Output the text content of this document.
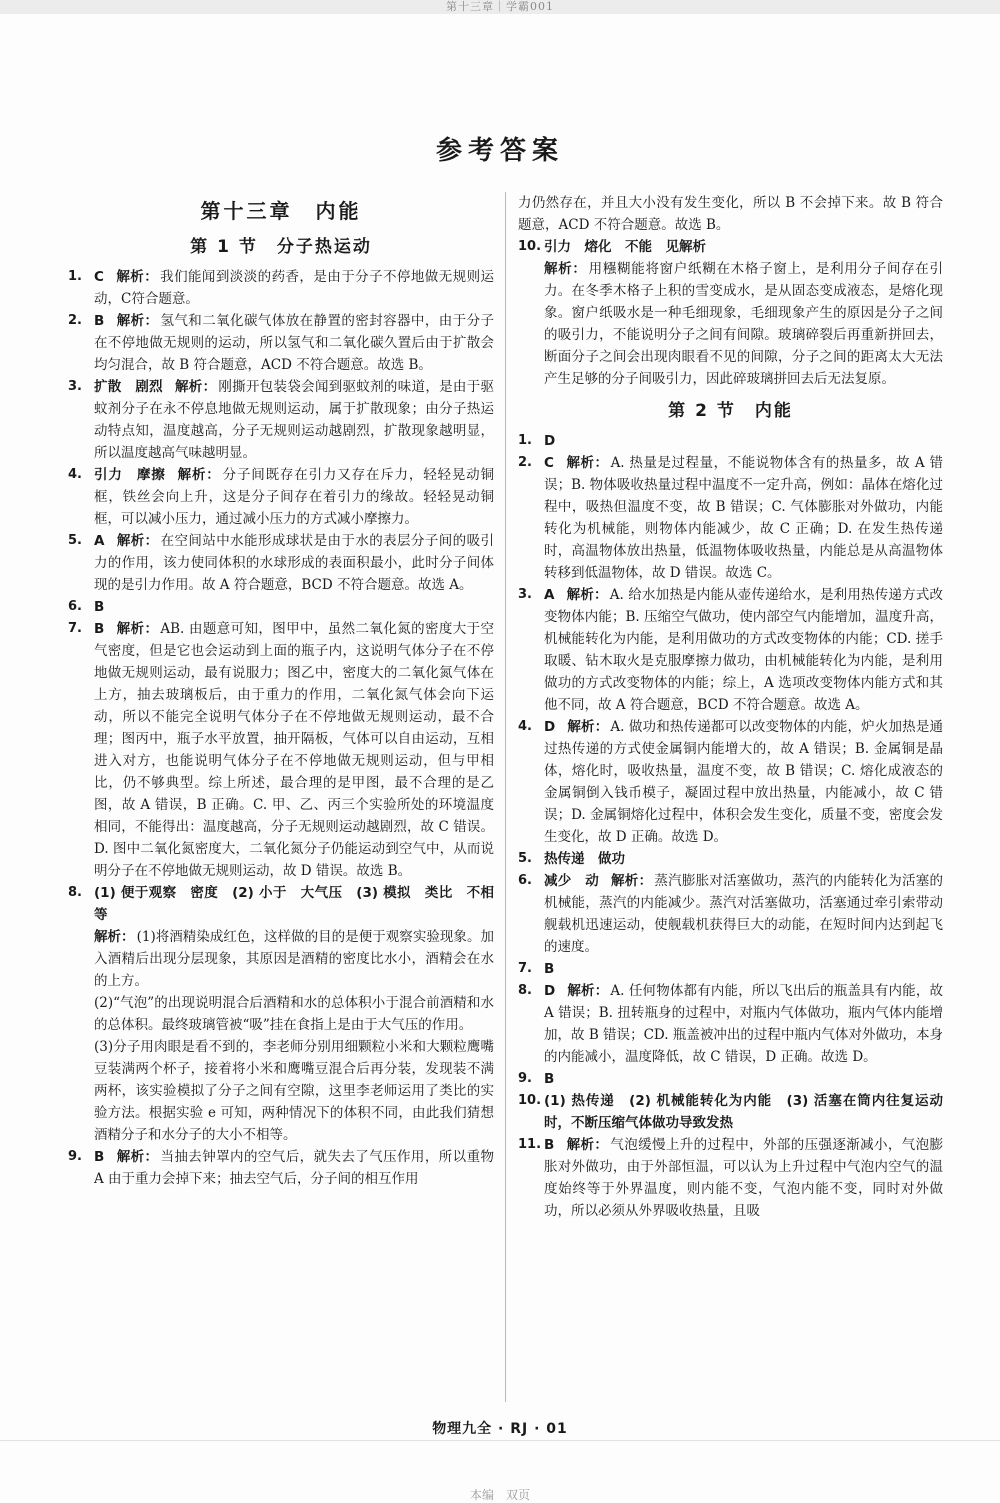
第十三章｜学霸001
参考答案
第十三章　内能
第 1 节　分子热运动

1. C 解析： 我们能闻到淡淡的药香，是由于分子不停地做无规则运动，C符合题意。

2. B 解析： 氢气和二氧化碳气体放在静置的密封容器中，由于分子在不停地做无规则的运动，所以氢气和二氧化碳久置后由于扩散会均匀混合，故 B 符合题意，ACD 不符合题意。故选 B。

3. 扩散　剧烈 解析： 刚撕开包装袋会闻到驱蚊剂的味道，是由于驱蚊剂分子在永不停息地做无规则运动，属于扩散现象；由分子热运动特点知，温度越高，分子无规则运动越剧烈，扩散现象越明显，所以温度越高气味越明显。

4. 引力　摩擦 解析： 分子间既存在引力又存在斥力，轻轻晃动铜框，铁丝会向上升，这是分子间存在着引力的缘故。轻轻晃动铜框，可以减小压力，通过减小压力的方式减小摩擦力。

5. A 解析： 在空间站中水能形成球状是由于水的表层分子间的吸引力的作用，该力使同体积的水球形成的表面积最小，此时分子间体现的是引力作用。故 A 符合题意，BCD 不符合题意。故选 A。

6. B

7. B 解析： AB. 由题意可知，图甲中，虽然二氧化氮的密度大于空气密度，但是它也会运动到上面的瓶子内，这说明气体分子在不停地做无规则运动，最有说服力；图乙中，密度大的二氧化氮气体在上方，抽去玻璃板后，由于重力的作用，二氧化氮气体会向下运动，所以不能完全说明气体分子在不停地做无规则运动，最不合理；图丙中，瓶子水平放置，抽开隔板，气体可以自由运动，互相进入对方，也能说明气体分子在不停地做无规则运动，但与甲相比，仍不够典型。综上所述，最合理的是甲图，最不合理的是乙图，故 A 错误，B 正确。C. 甲、乙、丙三个实验所处的环境温度相同，不能得出：温度越高，分子无规则运动越剧烈，故 C 错误。D. 图中二氧化氮密度大，二氧化氮分子仍能运动到空气中，从而说明分子在不停地做无规则运动，故 D 错误。故选 B。

8. (1) 便于观察　密度　(2) 小于　大气压　(3) 模拟　类比　不相等

解析： (1)将酒精染成红色，这样做的目的是便于观察实验现象。加入酒精后出现分层现象，其原因是酒精的密度比水小，酒精会在水的上方。

(2)“气泡”的出现说明混合后酒精和水的总体积小于混合前酒精和水的总体积。最终玻璃管被“吸”挂在食指上是由于大气压的作用。

(3)分子用肉眼是看不到的，李老师分别用细颗粒小米和大颗粒鹰嘴豆装满两个杯子，接着将小米和鹰嘴豆混合后再分装，发现装不满两杯，该实验模拟了分子之间有空隙，这里李老师运用了类比的实验方法。根据实验 e 可知，两种情况下的体积不同，由此我们猜想酒精分子和水分子的大小不相等。

9. B 解析： 当抽去钟罩内的空气后，就失去了气压作用，所以重物 A 由于重力会掉下来；抽去空气后，分子间的相互作用

力仍然存在，并且大小没有发生变化，所以 B 不会掉下来。故 B 符合题意，ACD 不符合题意。故选 B。

10. 引力　熔化　不能　见解析

解析： 用糨糊能将窗户纸糊在木格子窗上，是利用分子间存在引力。在冬季木格子上积的雪变成水，是从固态变成液态，是熔化现象。窗户纸吸水是一种毛细现象，毛细现象产生的原因是分子之间的吸引力，不能说明分子之间有间隙。玻璃碎裂后再重新拼回去，断面分子之间会出现肉眼看不见的间隙，分子之间的距离太大无法产生足够的分子间吸引力，因此碎玻璃拼回去后无法复原。

第 2 节　内能

1. D

2. C 解析： A. 热量是过程量，不能说物体含有的热量多，故 A 错误；B. 物体吸收热量过程中温度不一定升高，例如：晶体在熔化过程中，吸热但温度不变，故 B 错误；C. 气体膨胀对外做功，内能转化为机械能，则物体内能减少，故 C 正确；D. 在发生热传递时，高温物体放出热量，低温物体吸收热量，内能总是从高温物体转移到低温物体，故 D 错误。故选 C。

3. A 解析： A. 给水加热是内能从壶传递给水，是利用热传递方式改变物体内能；B. 压缩空气做功，使内部空气内能增加，温度升高，机械能转化为内能，是利用做功的方式改变物体的内能；CD. 搓手取暖、钻木取火是克服摩擦力做功，由机械能转化为内能，是利用做功的方式改变物体的内能；综上，A 选项改变物体内能方式和其他不同，故 A 符合题意，BCD 不符合题意。故选 A。

4. D 解析： A. 做功和热传递都可以改变物体的内能，炉火加热是通过热传递的方式使金属铜内能增大的，故 A 错误；B. 金属铜是晶体，熔化时，吸收热量，温度不变，故 B 错误；C. 熔化成液态的金属铜倒入钱币模子，凝固过程中放出热量，内能减小，故 C 错误；D. 金属铜熔化过程中，体积会发生变化，质量不变，密度会发生变化，故 D 正确。故选 D。

5. 热传递　做功

6. 减少　动 解析： 蒸汽膨胀对活塞做功，蒸汽的内能转化为活塞的机械能，蒸汽的内能减少。蒸汽对活塞做功，活塞通过牵引索带动舰载机迅速运动，使舰载机获得巨大的动能，在短时间内达到起飞的速度。

7. B

8. D 解析： A. 任何物体都有内能，所以飞出后的瓶盖具有内能，故 A 错误；B. 扭转瓶身的过程中，对瓶内气体做功，瓶内气体内能增加，故 B 错误；CD. 瓶盖被冲出的过程中瓶内气体对外做功，本身的内能减小，温度降低，故 C 错误，D 正确。故选 D。

9. B

10. (1) 热传递　(2) 机械能转化为内能　(3) 活塞在筒内往复运动时，不断压缩气体做功导致发热

11. B 解析： 气泡缓慢上升的过程中，外部的压强逐渐减小，气泡膨胀对外做功，由于外部恒温，可以认为上升过程中气泡内空气的温度始终等于外界温度，则内能不变，气泡内能不变，同时对外做功，所以必须从外界吸收热量，且吸

物理九全 · RJ · 01
本编　双页
